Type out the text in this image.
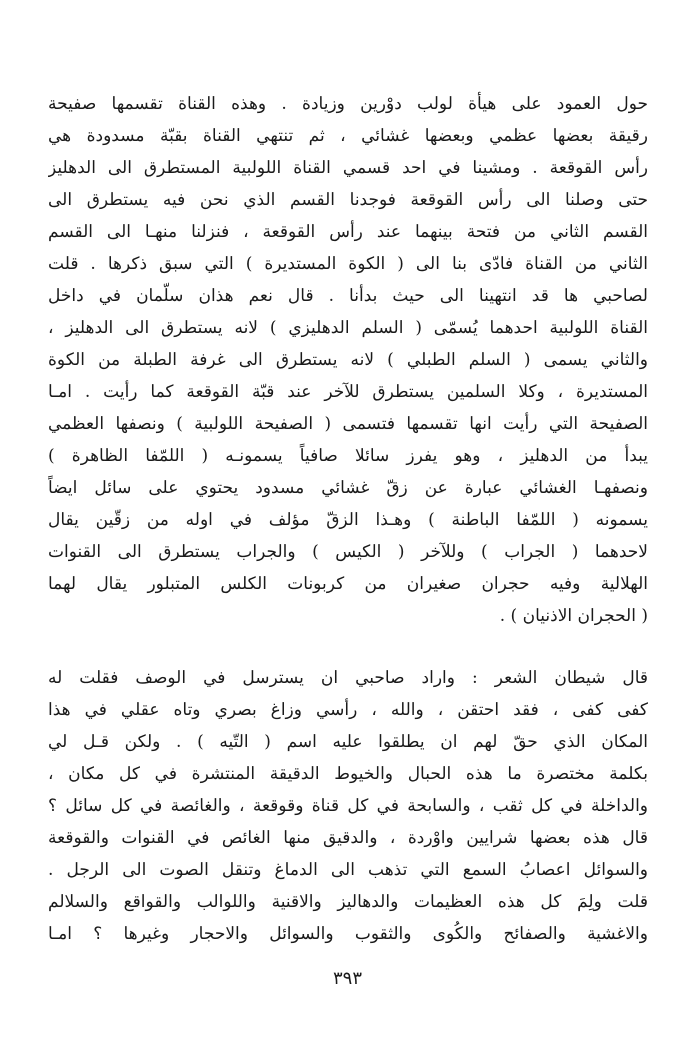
حول العمود على هيأة لولب دوْرين وزيادة . وهذه القناة تقسمها صفيحة
رقيقة بعضها عظمي وبعضها غشائي ، ثم تنتهي القناة بقبّة مسدودة هي
رأس القوقعة . ومشينا في احد قسمي القناة اللولبية المستطرق الى الدهليز
حتى وصلنا الى رأس القوقعة فوجدنا القسم الذي نحن فيه يستطرق الى
القسم الثاني من فتحة بينهما عند رأس القوقعة ، فنزلنا منهـا الى القسم
الثاني من القناة فادّى بنا الى ( الكوة المستديرة ) التي سبق ذكرها . قلت
لصاحبي ها قد انتهينا الى حيث بدأنا . قال نعم هذان سلّمان في داخل
القناة اللولبية احدهما يُسمّى ( السلم الدهليزي ) لانه يستطرق الى الدهليز ،
والثاني يسمى ( السلم الطبلي ) لانه يستطرق الى غرفة الطبلة من الكوة
المستديرة ، وكلا السلمين يستطرق للآخر عند قبّة القوقعة كما رأيت . امـا
الصفيحة التي رأيت انها تقسمها فتسمى ( الصفيحة اللولبية ) ونصفها العظمي
يبدأ من الدهليز ، وهو يفرز سائلا صافياً يسمونـه ( اللمّفا الظاهرة )
ونصفهـا الغشائي عبارة عن زقّ غشائي مسدود يحتوي على سائل ايضاً
يسمونه ( اللمّفا الباطنة ) وهـذا الزقّ مؤلف في اوله من زقّين يقال
لاحدهما ( الجراب ) وللآخر ( الكيس ) والجراب يستطرق الى القنوات
الهلالية وفيه حجران صغيران من كربونات الكلس المتبلور يقال لهما
( الحجران الاذنيان ) .
قال شيطان الشعر : واراد صاحبي ان يسترسل في الوصف فقلت له
كفى كفى ، فقد احتقن ، والله ، رأسي وزاغ بصري وتاه عقلي في هذا
المكان الذي حقّ لهم ان يطلقوا عليه اسم ( التّيه ) . ولكن قـل لي
بكلمة مختصرة ما هذه الحبال والخيوط الدقيقة المنتشرة في كل مكان ،
والداخلة في كل ثقب ، والسابحة في كل قناة وقوقعة ، والغائصة في كل سائل ؟
قال هذه بعضها شرايين واوْردة ، والدقيق منها الغائص في القنوات والقوقعة
والسوائل اعصابُ السمع التي تذهب الى الدماغ وتنقل الصوت الى الرجل .
قلت ولِمَ كل هذه العظيمات والدهاليز والاقنية واللوالب والقواقع والسلالم
والاغشية والصفائح والكُوى والثقوب والسوائل والاحجار وغيرها ؟ امـا
٣٩٣
